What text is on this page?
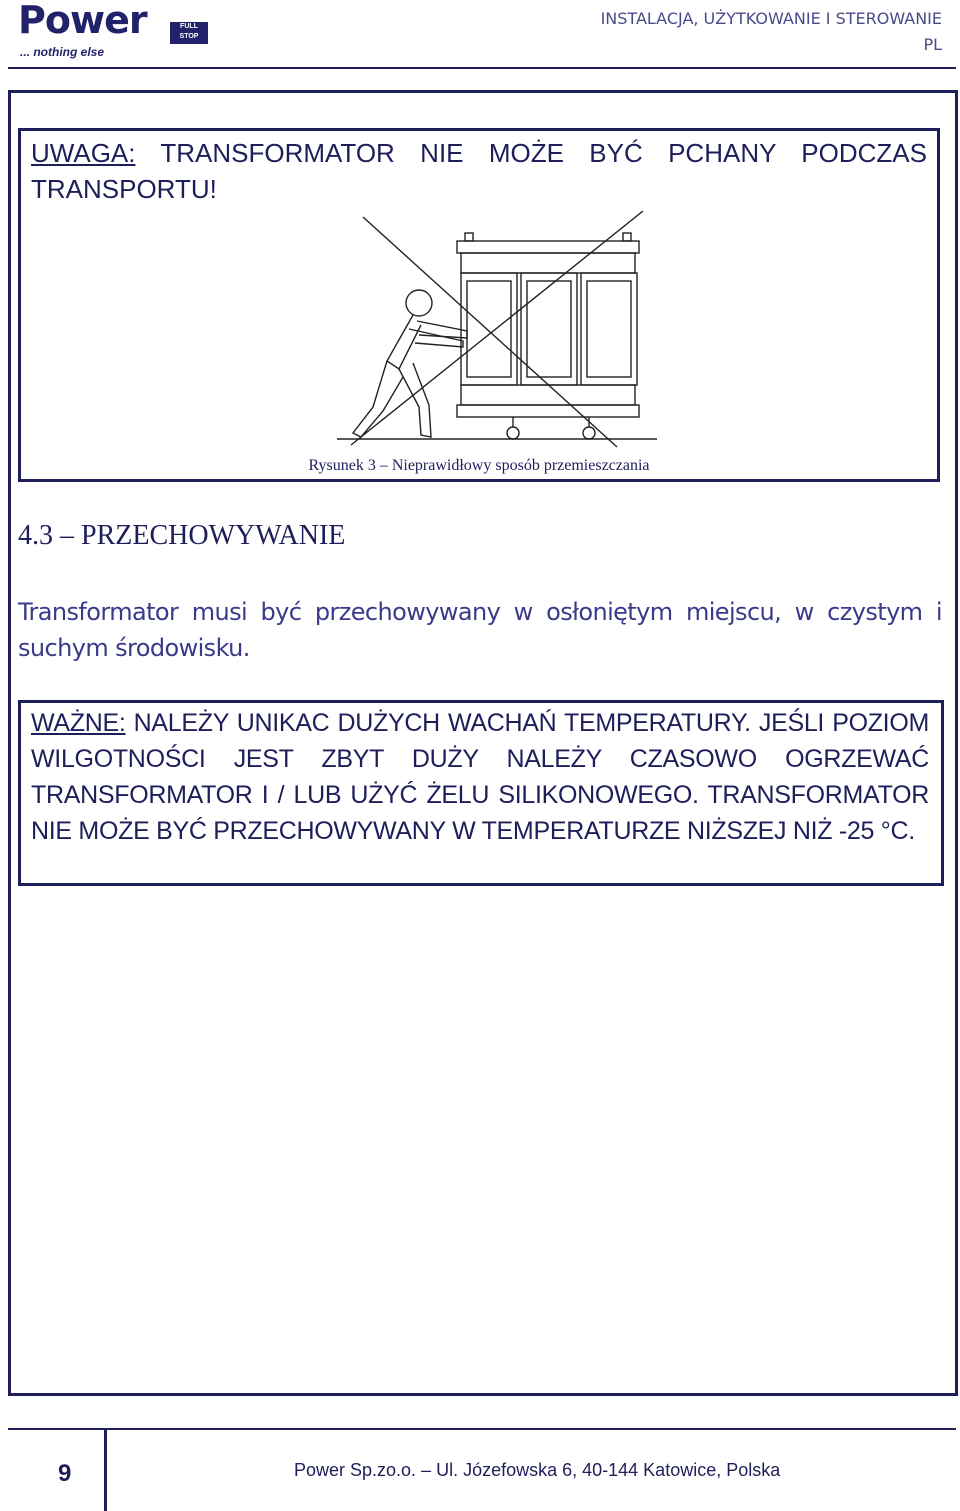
Power	FULL STOP
... nothing else
INSTALACJA, UŻYTKOWANIE I STEROWANIE
PL
UWAGA: TRANSFORMATOR NIE MOŻE BYĆ PCHANY PODCZAS TRANSPORTU!
Rysunek 3 – Nieprawidłowy sposób przemieszczania
4.3 – PRZECHOWYWANIE
Transformator musi być przechowywany w osłoniętym miejscu, w czystym i suchym środowisku.
WAŻNE: NALEŻY UNIKAC DUŻYCH WACHAŃ TEMPERATURY. JEŚLI POZIOM WILGOTNOŚCI JEST ZBYT DUŻY NALEŻY CZASOWO OGRZEWAĆ TRANSFORMATOR I / LUB UŻYĆ ŻELU SILIKONOWEGO. TRANSFORMATOR NIE MOŻE BYĆ PRZECHOWYWANY W TEMPERATURZE NIŻSZEJ NIŻ -25 °C.
9	Power Sp.zo.o. – Ul. Józefowska 6, 40-144 Katowice, Polska
